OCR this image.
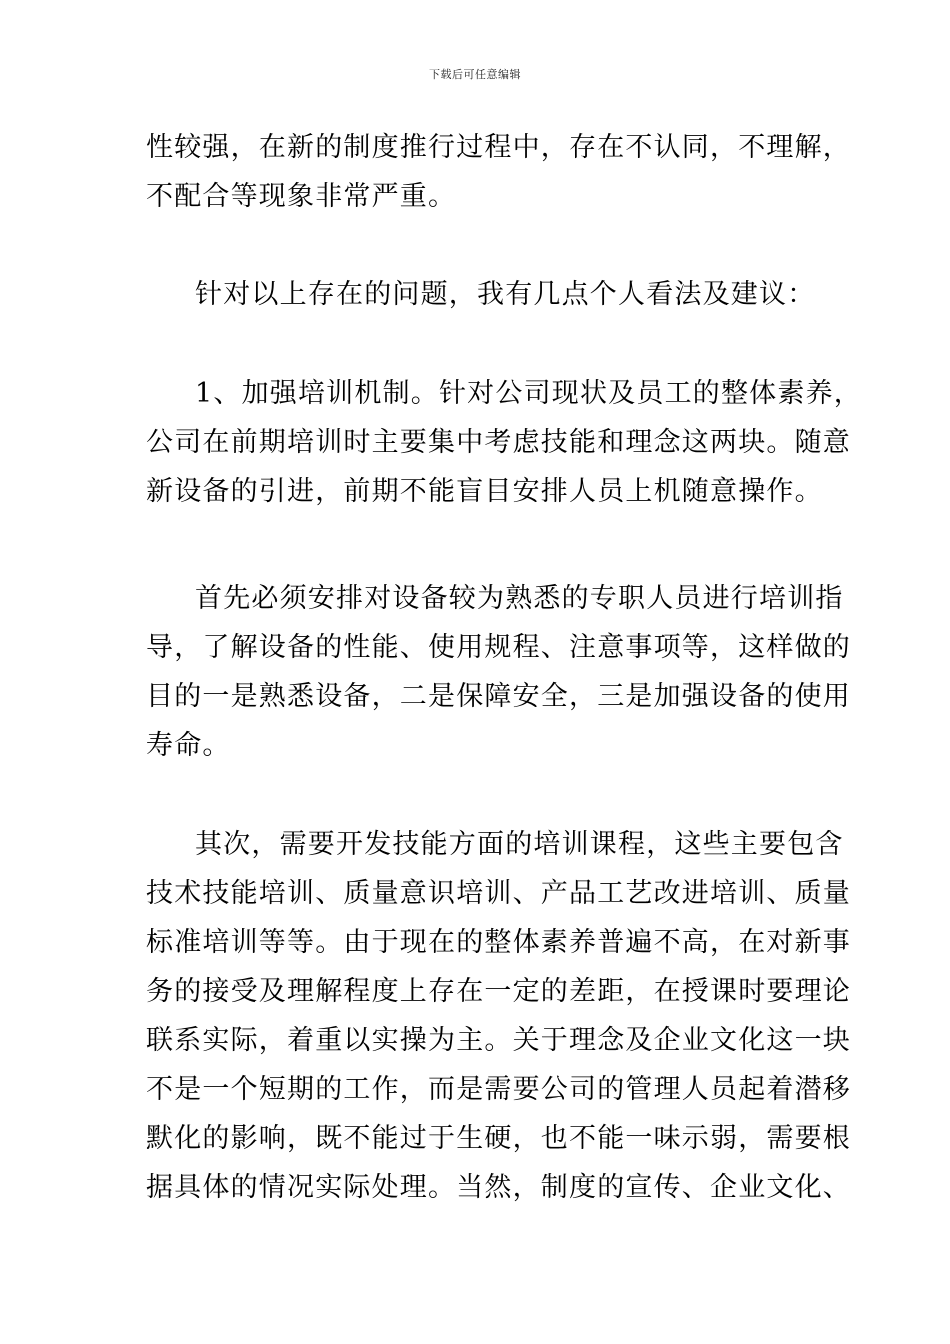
下载后可任意编辑
性较强，在新的制度推行过程中，存在不认同，不理解，
不配合等现象非常严重。
针对以上存在的问题，我有几点个人看法及建议：
1、加强培训机制。针对公司现状及员工的整体素养，
公司在前期培训时主要集中考虑技能和理念这两块。随意
新设备的引进，前期不能盲目安排人员上机随意操作。
首先必须安排对设备较为熟悉的专职人员进行培训指
导，了解设备的性能、使用规程、注意事项等，这样做的
目的一是熟悉设备，二是保障安全，三是加强设备的使用
寿命。
其次，需要开发技能方面的培训课程，这些主要包含
技术技能培训、质量意识培训、产品工艺改进培训、质量
标准培训等等。由于现在的整体素养普遍不高，在对新事
务的接受及理解程度上存在一定的差距，在授课时要理论
联系实际，着重以实操为主。关于理念及企业文化这一块
不是一个短期的工作，而是需要公司的管理人员起着潜移
默化的影响，既不能过于生硬，也不能一味示弱，需要根
据具体的情况实际处理。当然，制度的宣传、企业文化、
